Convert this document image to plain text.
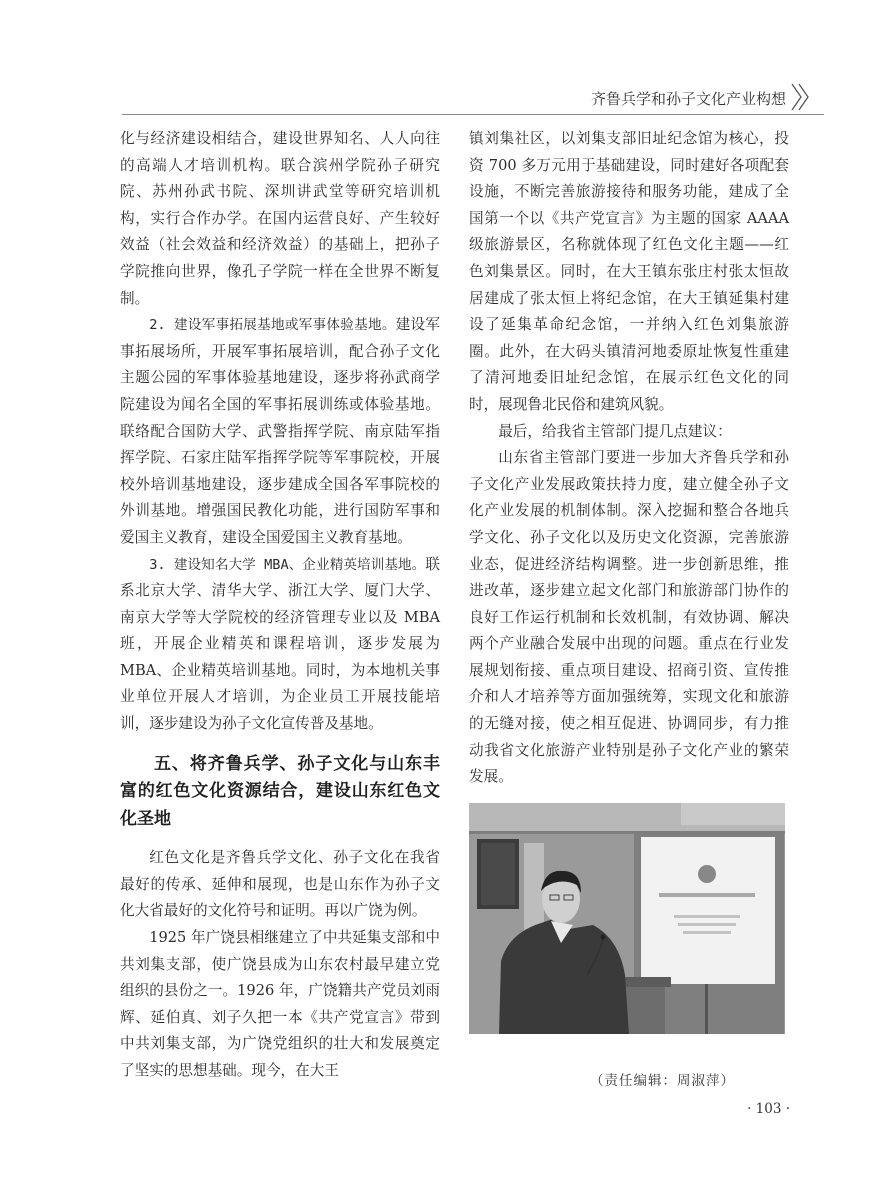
齐鲁兵学和孙子文化产业构想

化与经济建设相结合，建设世界知名、人人向往的高端人才培训机构。联合滨州学院孙子研究院、苏州孙武书院、深圳讲武堂等研究培训机构，实行合作办学。在国内运营良好、产生较好效益（社会效益和经济效益）的基础上，把孙子学院推向世界，像孔子学院一样在全世界不断复制。

2. 建设军事拓展基地或军事体验基地。建设军事拓展场所，开展军事拓展培训，配合孙子文化主题公园的军事体验基地建设，逐步将孙武商学院建设为闻名全国的军事拓展训练或体验基地。联络配合国防大学、武警指挥学院、南京陆军指挥学院、石家庄陆军指挥学院等军事院校，开展校外培训基地建设，逐步建成全国各军事院校的外训基地。增强国民教化功能，进行国防军事和爱国主义教育，建设全国爱国主义教育基地。

3. 建设知名大学 MBA、企业精英培训基地。联系北京大学、清华大学、浙江大学、厦门大学、南京大学等大学院校的经济管理专业以及 MBA 班，开展企业精英和课程培训，逐步发展为 MBA、企业精英培训基地。同时，为本地机关事业单位开展人才培训，为企业员工开展技能培训，逐步建设为孙子文化宣传普及基地。

五、将齐鲁兵学、孙子文化与山东丰富的红色文化资源结合，建设山东红色文化圣地

红色文化是齐鲁兵学文化、孙子文化在我省最好的传承、延伸和展现，也是山东作为孙子文化大省最好的文化符号和证明。再以广饶为例。

1925 年广饶县相继建立了中共延集支部和中共刘集支部，使广饶县成为山东农村最早建立党组织的县份之一。1926 年，广饶籍共产党员刘雨辉、延伯真、刘子久把一本《共产党宣言》带到中共刘集支部，为广饶党组织的壮大和发展奠定了坚实的思想基础。现今，在大王

镇刘集社区，以刘集支部旧址纪念馆为核心，投资 700 多万元用于基础建设，同时建好各项配套设施，不断完善旅游接待和服务功能，建成了全国第一个以《共产党宣言》为主题的国家 AAAA 级旅游景区，名称就体现了红色文化主题——红色刘集景区。同时，在大王镇东张庄村张太恒故居建成了张太恒上将纪念馆，在大王镇延集村建设了延集革命纪念馆，一并纳入红色刘集旅游圈。此外，在大码头镇清河地委原址恢复性重建了清河地委旧址纪念馆，在展示红色文化的同时，展现鲁北民俗和建筑风貌。

最后，给我省主管部门提几点建议：

山东省主管部门要进一步加大齐鲁兵学和孙子文化产业发展政策扶持力度，建立健全孙子文化产业发展的机制体制。深入挖掘和整合各地兵学文化、孙子文化以及历史文化资源，完善旅游业态，促进经济结构调整。进一步创新思维，推进改革，逐步建立起文化部门和旅游部门协作的良好工作运行机制和长效机制，有效协调、解决两个产业融合发展中出现的问题。重点在行业发展规划衔接、重点项目建设、招商引资、宣传推介和人才培养等方面加强统筹，实现文化和旅游的无缝对接，使之相互促进、协调同步，有力推动我省文化旅游产业特别是孙子文化产业的繁荣发展。

（责任编辑：周淑萍）
· 103 ·
